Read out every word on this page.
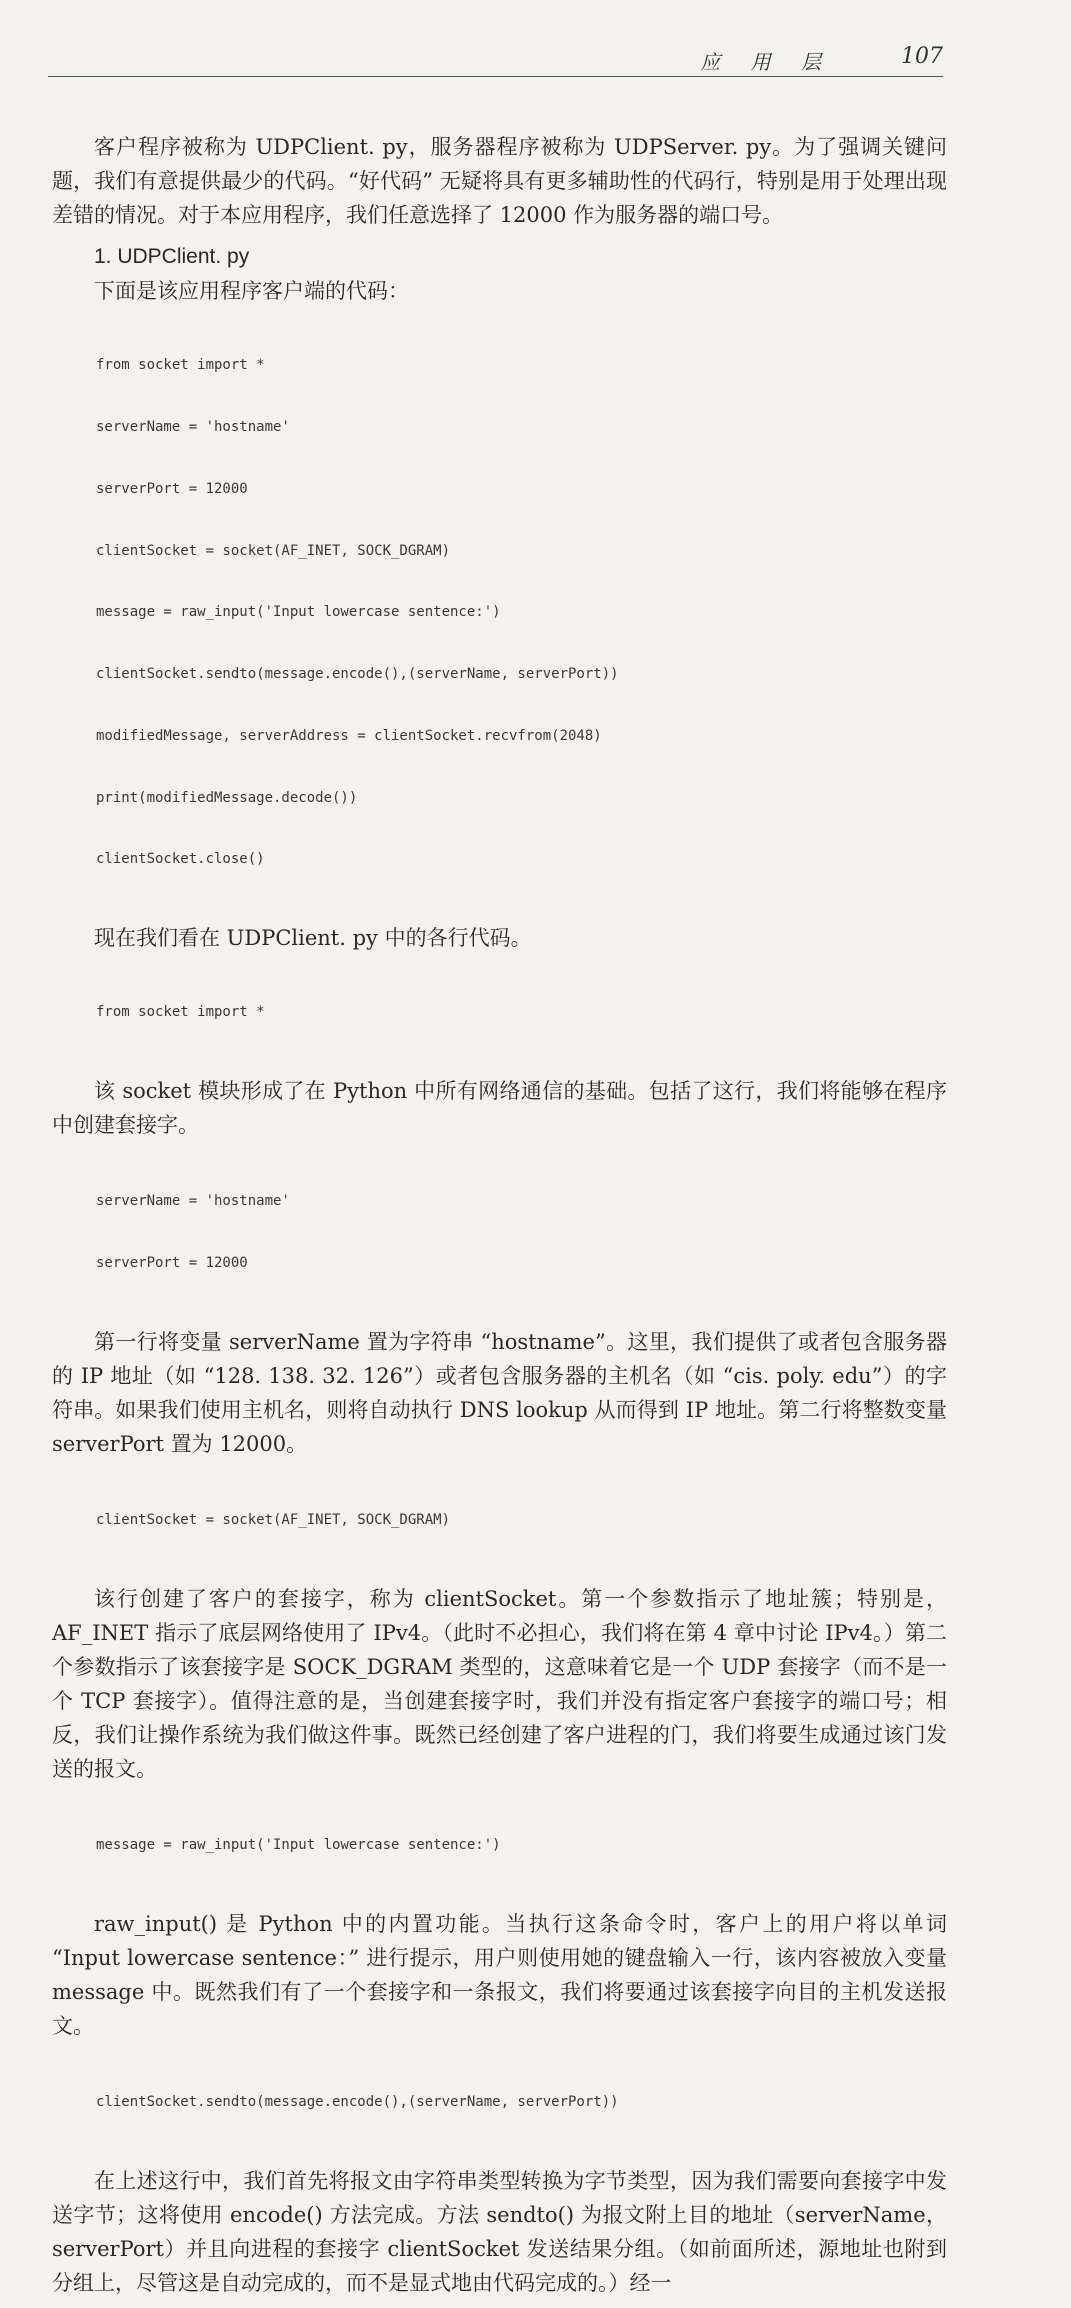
应 用 层	107

客户程序被称为 UDPClient. py，服务器程序被称为 UDPServer. py。为了强调关键问题，我们有意提供最少的代码。“好代码” 无疑将具有更多辅助性的代码行，特别是用于处理出现差错的情况。对于本应用程序，我们任意选择了 12000 作为服务器的端口号。

1. UDPClient. py

下面是该应用程序客户端的代码：

from socket import *

serverName = 'hostname'

serverPort = 12000

clientSocket = socket(AF_INET, SOCK_DGRAM)

message = raw_input('Input lowercase sentence:')

clientSocket.sendto(message.encode(),(serverName, serverPort))

modifiedMessage, serverAddress = clientSocket.recvfrom(2048)

print(modifiedMessage.decode())

clientSocket.close()

现在我们看在 UDPClient. py 中的各行代码。

from socket import *

该 socket 模块形成了在 Python 中所有网络通信的基础。包括了这行，我们将能够在程序中创建套接字。

serverName = 'hostname'

serverPort = 12000

第一行将变量 serverName 置为字符串 “hostname”。这里，我们提供了或者包含服务器的 IP 地址（如 “128. 138. 32. 126”）或者包含服务器的主机名（如 “cis. poly. edu”）的字符串。如果我们使用主机名，则将自动执行 DNS lookup 从而得到 IP 地址。第二行将整数变量 serverPort 置为 12000。

clientSocket = socket(AF_INET, SOCK_DGRAM)

该行创建了客户的套接字，称为 clientSocket。第一个参数指示了地址簇；特别是，AF_INET 指示了底层网络使用了 IPv4。（此时不必担心，我们将在第 4 章中讨论 IPv4。）第二个参数指示了该套接字是 SOCK_DGRAM 类型的，这意味着它是一个 UDP 套接字（而不是一个 TCP 套接字）。值得注意的是，当创建套接字时，我们并没有指定客户套接字的端口号；相反，我们让操作系统为我们做这件事。既然已经创建了客户进程的门，我们将要生成通过该门发送的报文。

message = raw_input('Input lowercase sentence:')

raw_input() 是 Python 中的内置功能。当执行这条命令时，客户上的用户将以单词 “Input lowercase sentence：” 进行提示，用户则使用她的键盘输入一行，该内容被放入变量 message 中。既然我们有了一个套接字和一条报文，我们将要通过该套接字向目的主机发送报文。

clientSocket.sendto(message.encode(),(serverName, serverPort))

在上述这行中，我们首先将报文由字符串类型转换为字节类型，因为我们需要向套接字中发送字节；这将使用 encode() 方法完成。方法 sendto() 为报文附上目的地址（serverName，serverPort）并且向进程的套接字 clientSocket 发送结果分组。（如前面所述，源地址也附到分组上，尽管这是自动完成的，而不是显式地由代码完成的。）经一
